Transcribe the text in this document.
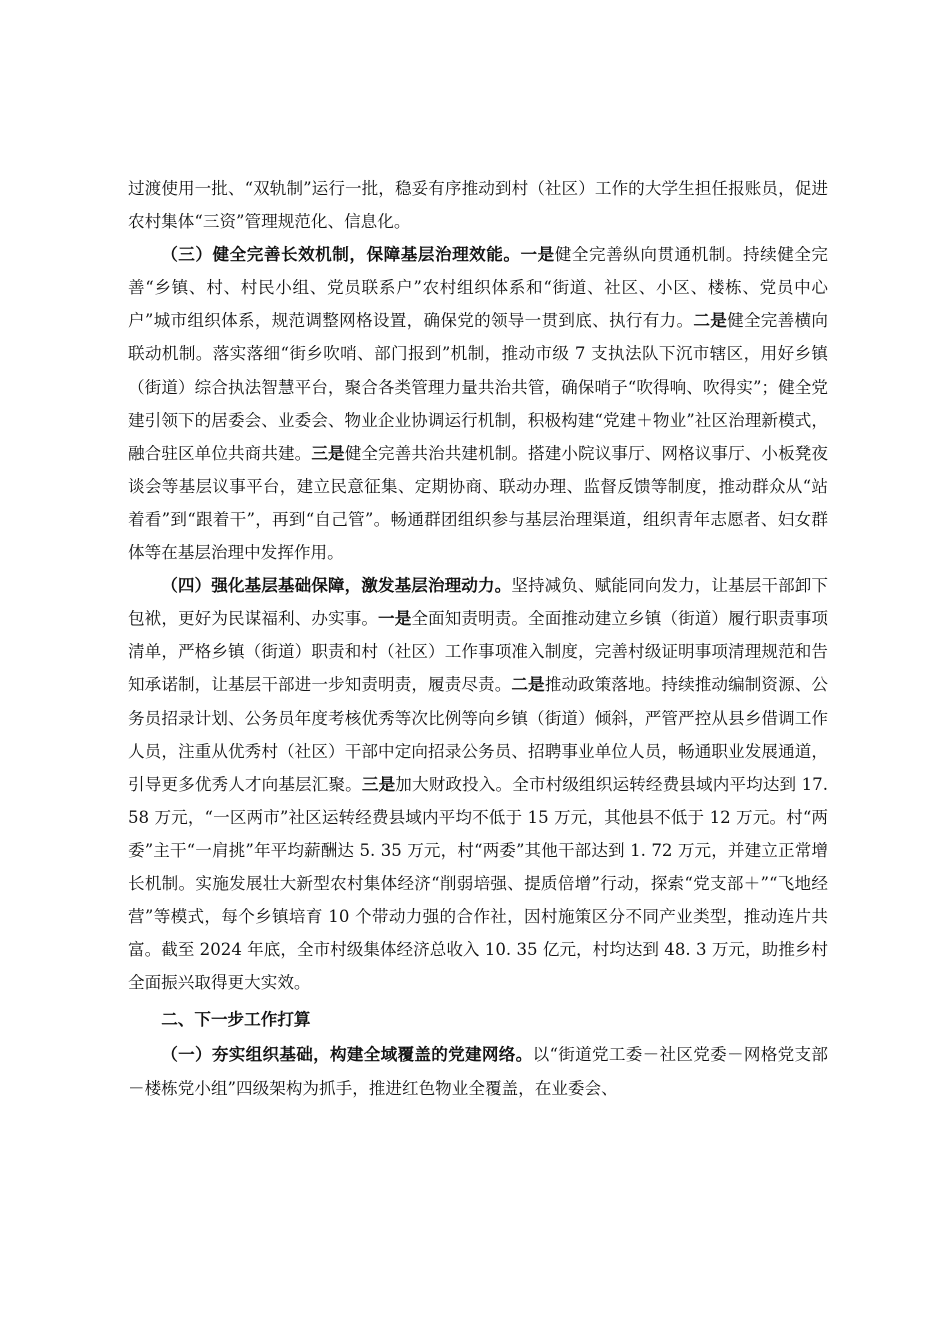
过渡使用一批、“双轨制”运行一批，稳妥有序推动到村（社区）工作的大学生担任报账员，促进农村集体“三资”管理规范化、信息化。

（三）健全完善长效机制，保障基层治理效能。一是健全完善纵向贯通机制。持续健全完善“乡镇、村、村民小组、党员联系户”农村组织体系和“街道、社区、小区、楼栋、党员中心户”城市组织体系，规范调整网格设置，确保党的领导一贯到底、执行有力。二是健全完善横向联动机制。落实落细“街乡吹哨、部门报到”机制，推动市级 7 支执法队下沉市辖区，用好乡镇（街道）综合执法智慧平台，聚合各类管理力量共治共管，确保哨子“吹得响、吹得实”；健全党建引领下的居委会、业委会、物业企业协调运行机制，积极构建“党建＋物业”社区治理新模式，融合驻区单位共商共建。三是健全完善共治共建机制。搭建小院议事厅、网格议事厅、小板凳夜谈会等基层议事平台，建立民意征集、定期协商、联动办理、监督反馈等制度，推动群众从“站着看”到“跟着干”，再到“自己管”。畅通群团组织参与基层治理渠道，组织青年志愿者、妇女群体等在基层治理中发挥作用。

（四）强化基层基础保障，激发基层治理动力。坚持减负、赋能同向发力，让基层干部卸下包袱，更好为民谋福利、办实事。一是全面知责明责。全面推动建立乡镇（街道）履行职责事项清单，严格乡镇（街道）职责和村（社区）工作事项准入制度，完善村级证明事项清理规范和告知承诺制，让基层干部进一步知责明责，履责尽责。二是推动政策落地。持续推动编制资源、公务员招录计划、公务员年度考核优秀等次比例等向乡镇（街道）倾斜，严管严控从县乡借调工作人员，注重从优秀村（社区）干部中定向招录公务员、招聘事业单位人员，畅通职业发展通道，引导更多优秀人才向基层汇聚。三是加大财政投入。全市村级组织运转经费县域内平均达到 17. 58 万元，“一区两市”社区运转经费县域内平均不低于 15 万元，其他县不低于 12 万元。村“两委”主干“一肩挑”年平均薪酬达 5. 35 万元，村“两委”其他干部达到 1. 72 万元，并建立正常增长机制。实施发展壮大新型农村集体经济“削弱培强、提质倍增”行动，探索“党支部＋”“飞地经营”等模式，每个乡镇培育 10 个带动力强的合作社，因村施策区分不同产业类型，推动连片共富。截至 2024 年底，全市村级集体经济总收入 10. 35 亿元，村均达到 48. 3 万元，助推乡村全面振兴取得更大实效。

二、下一步工作打算

（一）夯实组织基础，构建全域覆盖的党建网络。以“街道党工委－社区党委－网格党支部－楼栋党小组”四级架构为抓手，推进红色物业全覆盖，在业委会、
